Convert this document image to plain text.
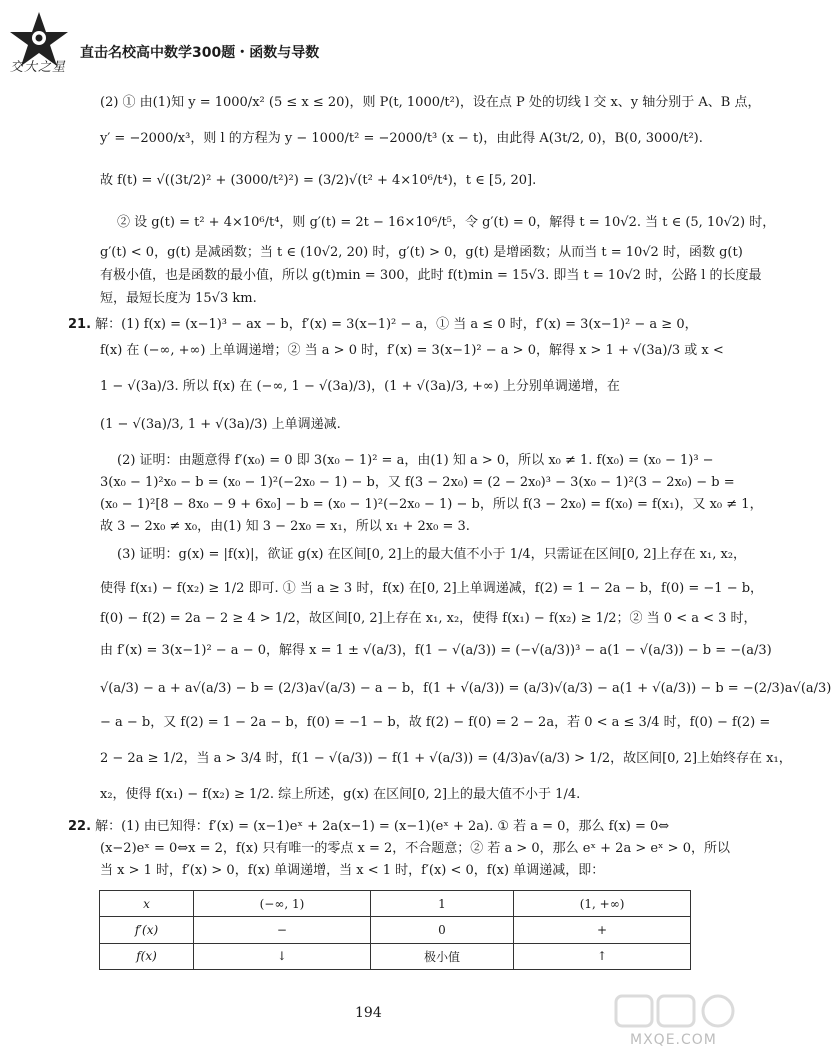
交大之星
直击名校高中数学300题・函数与导数
(2) ① 由(1)知 y = 1000/x² (5 ≤ x ≤ 20)，则 P(t, 1000/t²)，设在点 P 处的切线 l 交 x、y 轴分别于 A、B 点，
y′ = −2000/x³，则 l 的方程为 y − 1000/t² = −2000/t³ (x − t)，由此得 A(3t/2, 0)，B(0, 3000/t²).
故 f(t) = √((3t/2)² + (3000/t²)²) = (3/2)√(t² + 4×10⁶/t⁴)，t ∈ [5, 20].
② 设 g(t) = t² + 4×10⁶/t⁴，则 g′(t) = 2t − 16×10⁶/t⁵，令 g′(t) = 0，解得 t = 10√2. 当 t ∈ (5, 10√2) 时，
g′(t) < 0，g(t) 是减函数；当 t ∈ (10√2, 20) 时，g′(t) > 0，g(t) 是增函数；从而当 t = 10√2 时，函数 g(t)
有极小值，也是函数的最小值，所以 g(t)min = 300，此时 f(t)min = 15√3. 即当 t = 10√2 时，公路 l 的长度最
短，最短长度为 15√3 km.
21. 解：(1) f(x) = (x−1)³ − ax − b，f′(x) = 3(x−1)² − a，① 当 a ≤ 0 时，f′(x) = 3(x−1)² − a ≥ 0，
f(x) 在 (−∞, +∞) 上单调递增；② 当 a > 0 时，f′(x) = 3(x−1)² − a > 0，解得 x > 1 + √(3a)/3 或 x <
1 − √(3a)/3. 所以 f(x) 在 (−∞, 1 − √(3a)/3)，(1 + √(3a)/3, +∞) 上分别单调递增，在
(1 − √(3a)/3, 1 + √(3a)/3) 上单调递减.
(2) 证明：由题意得 f′(x₀) = 0 即 3(x₀ − 1)² = a，由(1) 知 a > 0，所以 x₀ ≠ 1. f(x₀) = (x₀ − 1)³ −
3(x₀ − 1)²x₀ − b = (x₀ − 1)²(−2x₀ − 1) − b，又 f(3 − 2x₀) = (2 − 2x₀)³ − 3(x₀ − 1)²(3 − 2x₀) − b =
(x₀ − 1)²[8 − 8x₀ − 9 + 6x₀] − b = (x₀ − 1)²(−2x₀ − 1) − b，所以 f(3 − 2x₀) = f(x₀) = f(x₁)，又 x₀ ≠ 1，
故 3 − 2x₀ ≠ x₀，由(1) 知 3 − 2x₀ = x₁，所以 x₁ + 2x₀ = 3.
(3) 证明：g(x) = |f(x)|，欲证 g(x) 在区间[0, 2]上的最大值不小于 1/4，只需证在区间[0, 2]上存在 x₁, x₂，
使得 f(x₁) − f(x₂) ≥ 1/2 即可. ① 当 a ≥ 3 时，f(x) 在[0, 2]上单调递减，f(2) = 1 − 2a − b，f(0) = −1 − b，
f(0) − f(2) = 2a − 2 ≥ 4 > 1/2，故区间[0, 2]上存在 x₁, x₂，使得 f(x₁) − f(x₂) ≥ 1/2；② 当 0 < a < 3 时，
由 f′(x) = 3(x−1)² − a − 0，解得 x = 1 ± √(a/3)，f(1 − √(a/3)) = (−√(a/3))³ − a(1 − √(a/3)) − b = −(a/3)
√(a/3) − a + a√(a/3) − b = (2/3)a√(a/3) − a − b，f(1 + √(a/3)) = (a/3)√(a/3) − a(1 + √(a/3)) − b = −(2/3)a√(a/3)
− a − b，又 f(2) = 1 − 2a − b，f(0) = −1 − b，故 f(2) − f(0) = 2 − 2a，若 0 < a ≤ 3/4 时，f(0) − f(2) =
2 − 2a ≥ 1/2，当 a > 3/4 时，f(1 − √(a/3)) − f(1 + √(a/3)) = (4/3)a√(a/3) > 1/2，故区间[0, 2]上始终存在 x₁，
x₂，使得 f(x₁) − f(x₂) ≥ 1/2. 综上所述，g(x) 在区间[0, 2]上的最大值不小于 1/4.
22. 解：(1) 由已知得：f′(x) = (x−1)eˣ + 2a(x−1) = (x−1)(eˣ + 2a). ① 若 a = 0，那么 f(x) = 0⇔
(x−2)eˣ = 0⇔x = 2，f(x) 只有唯一的零点 x = 2，不合题意；② 若 a > 0，那么 eˣ + 2a > eˣ > 0，所以
当 x > 1 时，f′(x) > 0，f(x) 单调递增，当 x < 1 时，f′(x) < 0，f(x) 单调递减，即：
x	(−∞, 1)	1	(1, +∞)
f′(x)	−	0	+
f(x)	↓	极小值	↑
194
MXQE.COM
